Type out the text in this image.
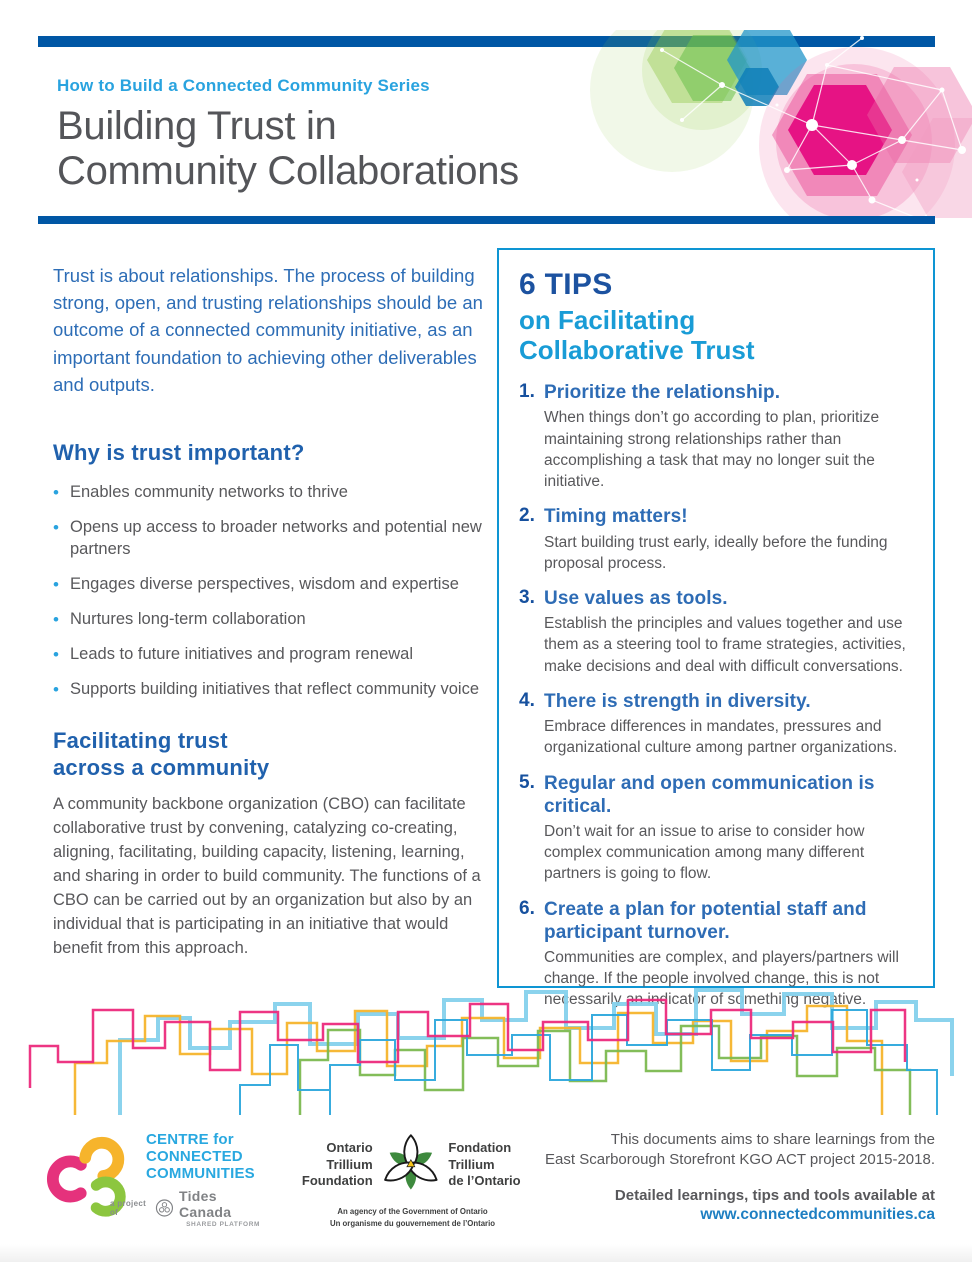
How to Build a Connected Community Series
Building Trust in
Community Collaborations

Trust is about relationships. The process of building strong, open, and trusting relationships should be an outcome of a connected community initiative, as an important foundation to achieving other deliverables and outputs.

Why is trust important?
• Enables community networks to thrive
• Opens up access to broader networks and potential new partners
• Engages diverse perspectives, wisdom and expertise
• Nurtures long-term collaboration
• Leads to future initiatives and program renewal
• Supports building initiatives that reflect community voice
Facilitating trust
across a community

A community backbone organization (CBO) can facilitate collaborative trust by convening, catalyzing co-creating, aligning, facilitating, building capacity, listening, learning, and sharing in order to build community. The functions of a CBO can be carried out by an organization but also by an individual that is participating in an initiative that would benefit from this approach.

6 TIPS
on Facilitating
Collaborative Trust
1. Prioritize the relationship.
When things don’t go according to plan, prioritize maintaining strong relationships rather than accomplishing a task that may no longer suit the initiative.
2. Timing matters!
Start building trust early, ideally before the funding proposal process.
3. Use values as tools.
Establish the principles and values together and use them as a steering tool to frame strategies, activities, make decisions and deal with difficult conversations.
4. There is strength in diversity.
Embrace differences in mandates, pressures and organizational culture among partner organizations.
5. Regular and open communication is critical.
Don’t wait for an issue to arise to consider how complex communication among many different partners is going to flow.
6. Create a plan for potential staff and participant turnover.
Communities are complex, and players/partners will change. If the people involved change, this is not necessarily an indicator of something negative.
CENTRE for
CONNECTED
COMMUNITIES
a project of
Tides Canada
SHARED PLATFORM
Ontario
Trillium
Foundation
Fondation
Trillium
de l’Ontario
An agency of the Government of Ontario
Un organisme du gouvernement de l’Ontario
This documents aims to share learnings from the
East Scarborough Storefront KGO ACT project 2015-2018.
Detailed learnings, tips and tools available at
www.connectedcommunities.ca
